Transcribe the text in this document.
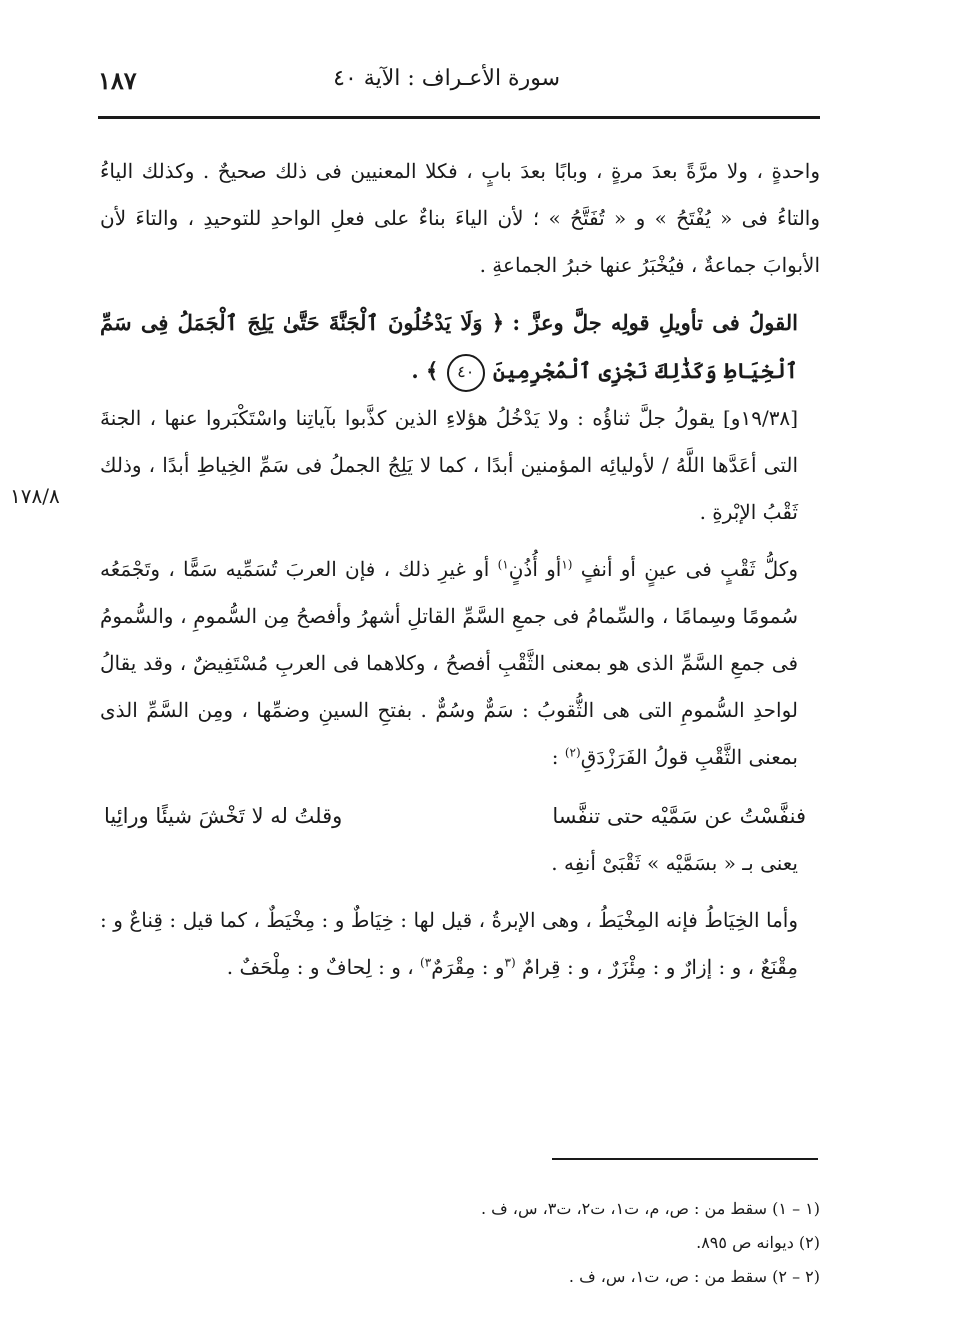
سورة الأعـراف : الآية ٤٠
١٨٧
١٧٨/٨

واحدةٍ ، ولا مرَّةً بعدَ مرةٍ ، وبابًا بعدَ بابٍ ، فكلا المعنيين فى ذلك صحيحٌ . وكذلك الياءُ والتاءُ فى « يُفْتَحُ » و « تُفَتَّحُ » ؛ لأن الياءَ بناءٌ على فعلِ الواحدِ للتوحيدِ ، والتاءَ لأن الأبوابَ جماعةٌ ، فيُخْبَرُ عنها خبرُ الجماعةِ .

القولُ فى تأويلِ قولِه جلَّ وعزَّ : ﴿ وَلَا يَدْخُلُونَ ٱلْجَنَّةَ حَتَّىٰ يَلِجَ ٱلْجَمَلُ فِى سَمِّ ٱلْخِيَاطِ وَكَذَٰلِكَ نَجْزِى ٱلْمُجْرِمِينَ ٤٠ ﴾ .

[١٩/٣٨و] يقولُ جلَّ ثناؤُه : ولا يَدْخُلُ هؤلاءِ الذين كذَّبوا بآياتِنا واسْتَكْبَروا عنها ، الجنةَ التى أعَدَّها اللَّهُ / لأوليائِه المؤمنين أبدًا ، كما لا يَلِجُ الجملُ فى سَمِّ الخِياطِ أبدًا ، وذلك ثَقْبُ الإبْرةِ .

وكلُّ ثَقْبٍ فى عينٍ أو أنفٍ $^{(١}$أو أُذُنٍ$^{١)}$ أو غيرِ ذلك ، فإن العربَ تُسَمِّيه سَمًّا ، وتَجْمَعُه سُمومًا وسِمامًا ، والسِّمامُ فى جمعِ السَّمِّ القاتلِ أشهرُ وأفصحُ مِن السُّمومِ ، والسُّمومُ فى جمعِ السَّمِّ الذى هو بمعنى الثَّقْبِ أفصحُ ، وكلاهما فى العربِ مُسْتَفِيضٌ ، وقد يقالُ لواحدِ السُّمومِ التى هى الثُّقوبُ : سَمٌّ وسُمٌّ . بفتحِ السينِ وضمِّها ، ومِن السَّمِّ الذى بمعنى الثَّقْبِ قولُ الفَرَزْدَقِ$^{(٢)}$ :

فنفَّسْتُ عن سَمَّيْه حتى تنفَّسا
وقلتُ له لا تَخْشَ شيئًا ورائِيا

يعنى بـ « بسَمَّيْه » ثَقْبَىْ أنفِه .

وأما الخِيَاطُ فإنه المِخْيَطُ ، وهى الإبرةُ ، قيل لها : خِيَاطٌ و : مِخْيَطٌ ، كما قيل : قِناعٌ و : مِقْنَعٌ ، و : إزارٌ و : مِئْزَرٌ ، و : قِرامٌ $^{(٣}$و : مِقْرَمٌ$^{٣)}$ ، و : لِحافٌ و : مِلْحَفٌ .

(١ – ١) سقط من : ص، م، ت١، ت٢، ت٣، س، ف .

(٢) ديوانه ص ٨٩٥.

(٢ – ٢) سقط من : ص، ت١، س، ف .
